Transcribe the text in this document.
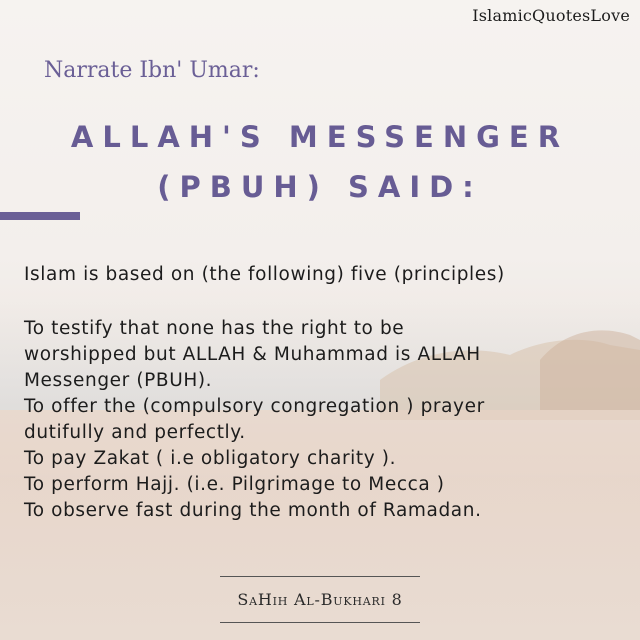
IslamicQuotesLove
Narrate Ibn' Umar:
ALLAH'S MESSENGER
(PBUH) SAID:

Islam is based on (the following) five (principles)

To testify that none has the right to be

worshipped but ALLAH & Muhammad is ALLAH

Messenger (PBUH).

To offer the (compulsory congregation ) prayer

dutifully and perfectly.

To pay Zakat ( i.e obligatory charity ).

To perform Hajj. (i.e. Pilgrimage to Mecca )

To observe fast during the month of Ramadan.

SaHih Al-Bukhari 8
